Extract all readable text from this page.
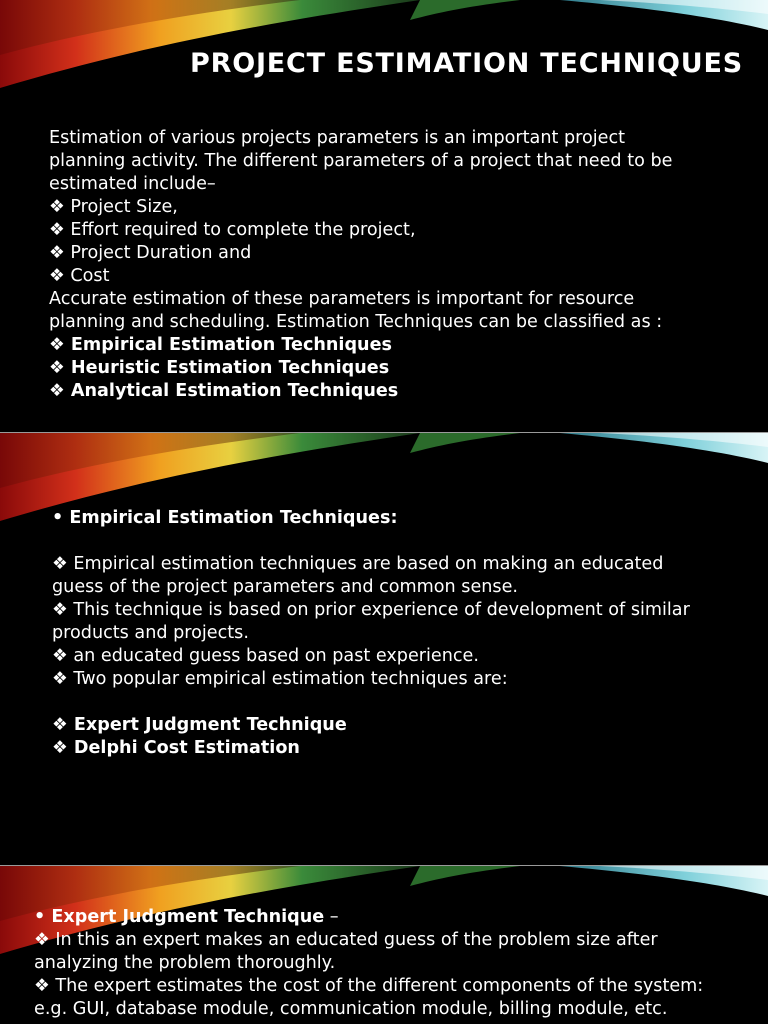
PROJECT ESTIMATION TECHNIQUES
Estimation of various projects parameters is an important project
planning activity. The different parameters of a project that need to be
estimated include–
❖ Project Size,
❖ Effort required to complete the project,
❖ Project Duration and
❖ Cost
Accurate estimation of these parameters is important for resource
planning and scheduling. Estimation Techniques can be classified as :
❖ Empirical Estimation Techniques
❖ Heuristic Estimation Techniques
❖ Analytical Estimation Techniques
• Empirical Estimation Techniques:
❖ Empirical estimation techniques are based on making an educated
guess of the project parameters and common sense.
❖ This technique is based on prior experience of development of similar
products and projects.
❖ an educated guess based on past experience.
❖ Two popular empirical estimation techniques are:
❖ Expert Judgment Technique
❖ Delphi Cost Estimation
• Expert Judgment Technique –
❖ In this an expert makes an educated guess of the problem size after
analyzing the problem thoroughly.
❖ The expert estimates the cost of the different components of the system:
e.g. GUI, database module, communication module, billing module, etc.
